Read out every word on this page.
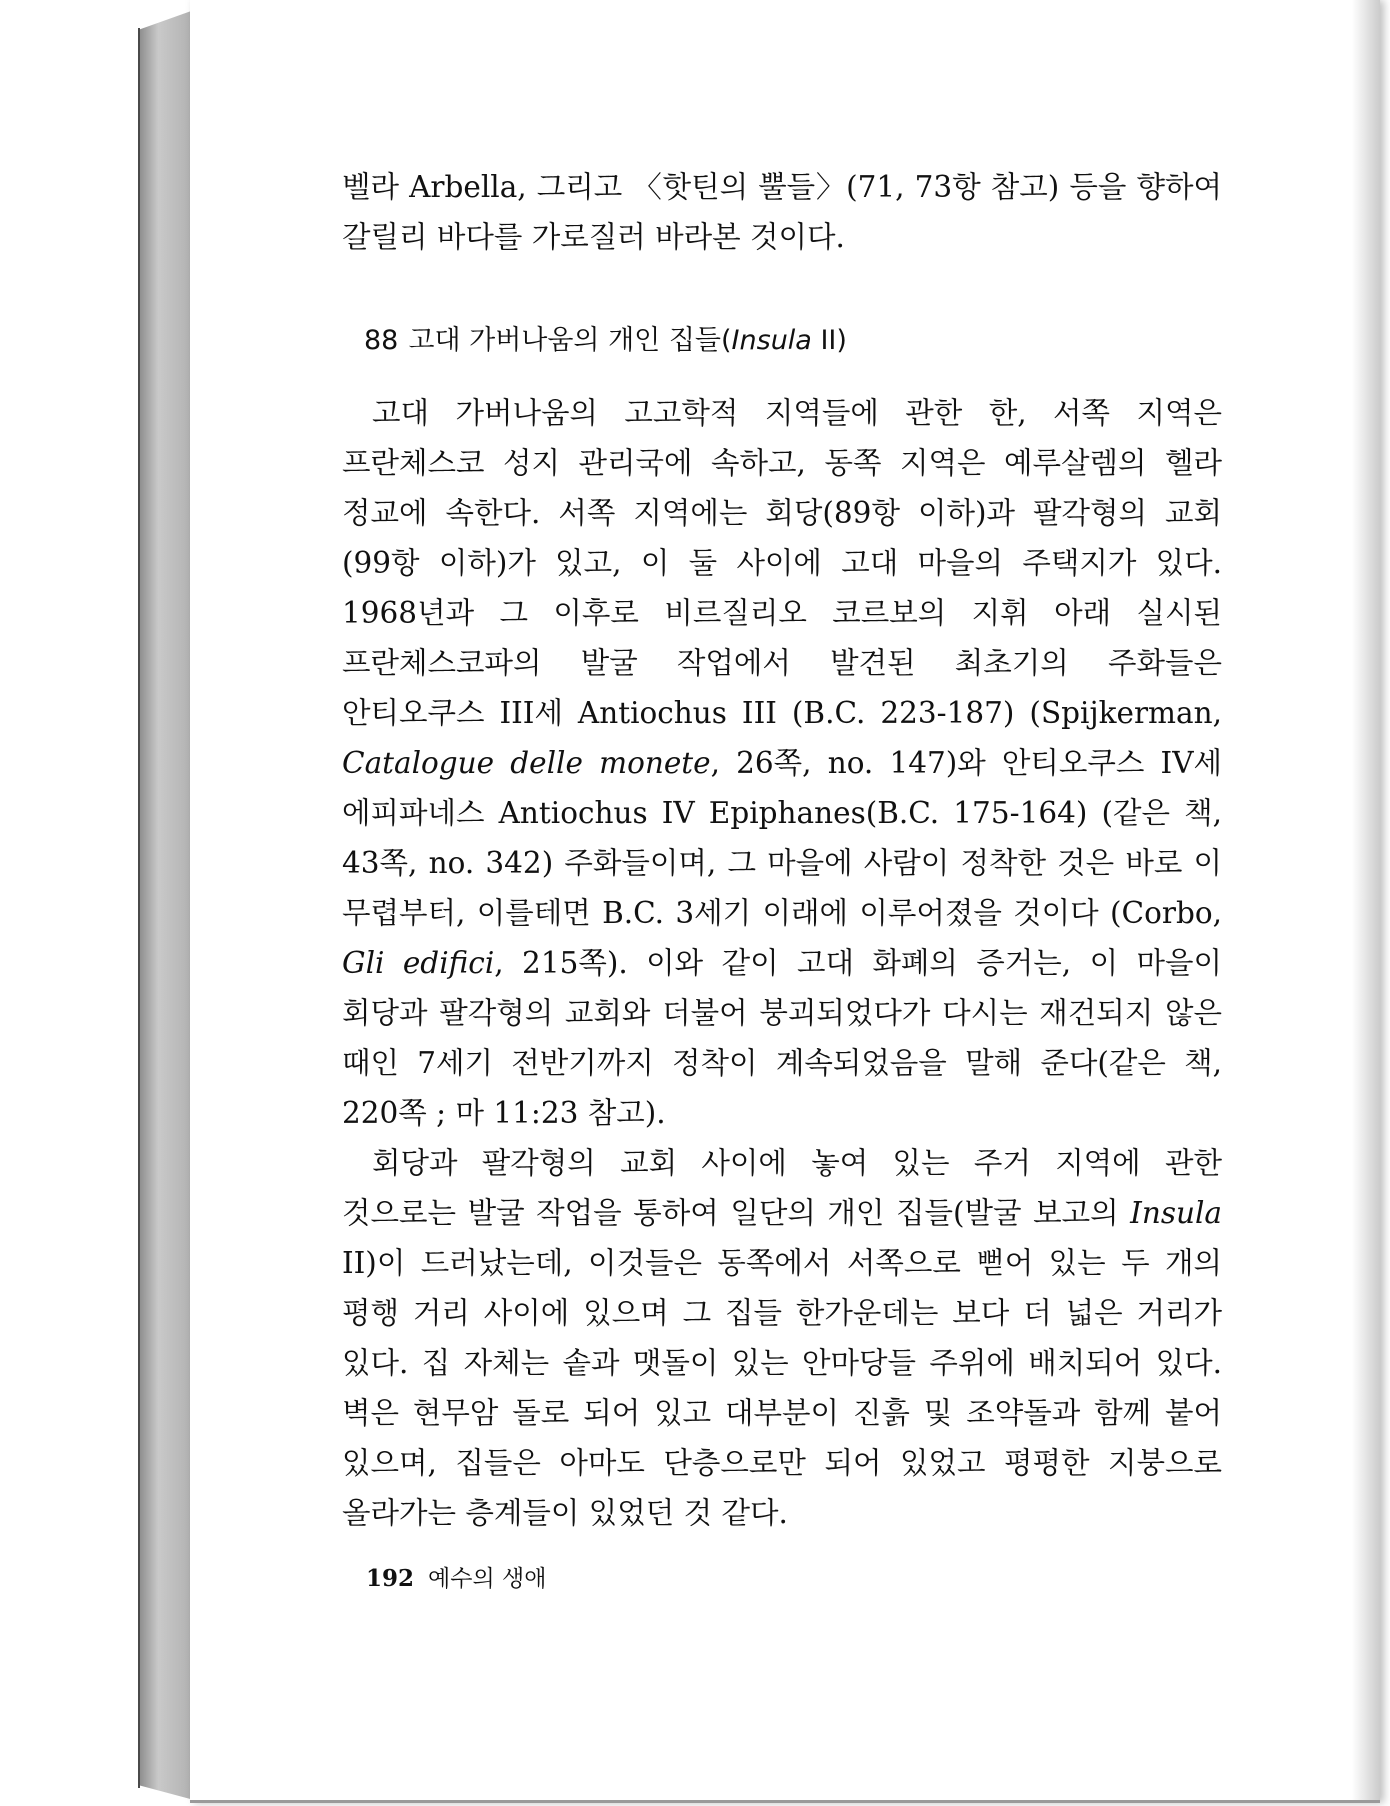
벨라 Arbella, 그리고 〈핫틴의 뿔들〉(71, 73항 참고) 등을 향하여 갈릴리 바다를 가로질러 바라본 것이다.

88 고대 가버나움의 개인 집들(Insula II)

고대 가버나움의 고고학적 지역들에 관한 한, 서쪽 지역은 프란체스코 성지 관리국에 속하고, 동쪽 지역은 예루살렘의 헬라 정교에 속한다. 서쪽 지역에는 회당(89항 이하)과 팔각형의 교회(99항 이하)가 있고, 이 둘 사이에 고대 마을의 주택지가 있다. 1968년과 그 이후로 비르질리오 코르보의 지휘 아래 실시된 프란체스코파의 발굴 작업에서 발견된 최초기의 주화들은 안티오쿠스 III세 Antiochus III (B.C. 223-187) (Spijkerman, Catalogue delle monete, 26쪽, no. 147)와 안티오쿠스 IV세 에피파네스 Antiochus IV Epiphanes(B.C. 175-164) (같은 책, 43쪽, no. 342) 주화들이며, 그 마을에 사람이 정착한 것은 바로 이 무렵부터, 이를테면 B.C. 3세기 이래에 이루어졌을 것이다 (Corbo, Gli edifici, 215쪽). 이와 같이 고대 화폐의 증거는, 이 마을이 회당과 팔각형의 교회와 더불어 붕괴되었다가 다시는 재건되지 않은 때인 7세기 전반기까지 정착이 계속되었음을 말해 준다(같은 책, 220쪽 ; 마 11:23 참고).

회당과 팔각형의 교회 사이에 놓여 있는 주거 지역에 관한 것으로는 발굴 작업을 통하여 일단의 개인 집들(발굴 보고의 Insula II)이 드러났는데, 이것들은 동쪽에서 서쪽으로 뻗어 있는 두 개의 평행 거리 사이에 있으며 그 집들 한가운데는 보다 더 넓은 거리가 있다. 집 자체는 솥과 맷돌이 있는 안마당들 주위에 배치되어 있다. 벽은 현무암 돌로 되어 있고 대부분이 진흙 및 조약돌과 함께 붙어 있으며, 집들은 아마도 단층으로만 되어 있었고 평평한 지붕으로 올라가는 층계들이 있었던 것 같다.

192 예수의 생애
